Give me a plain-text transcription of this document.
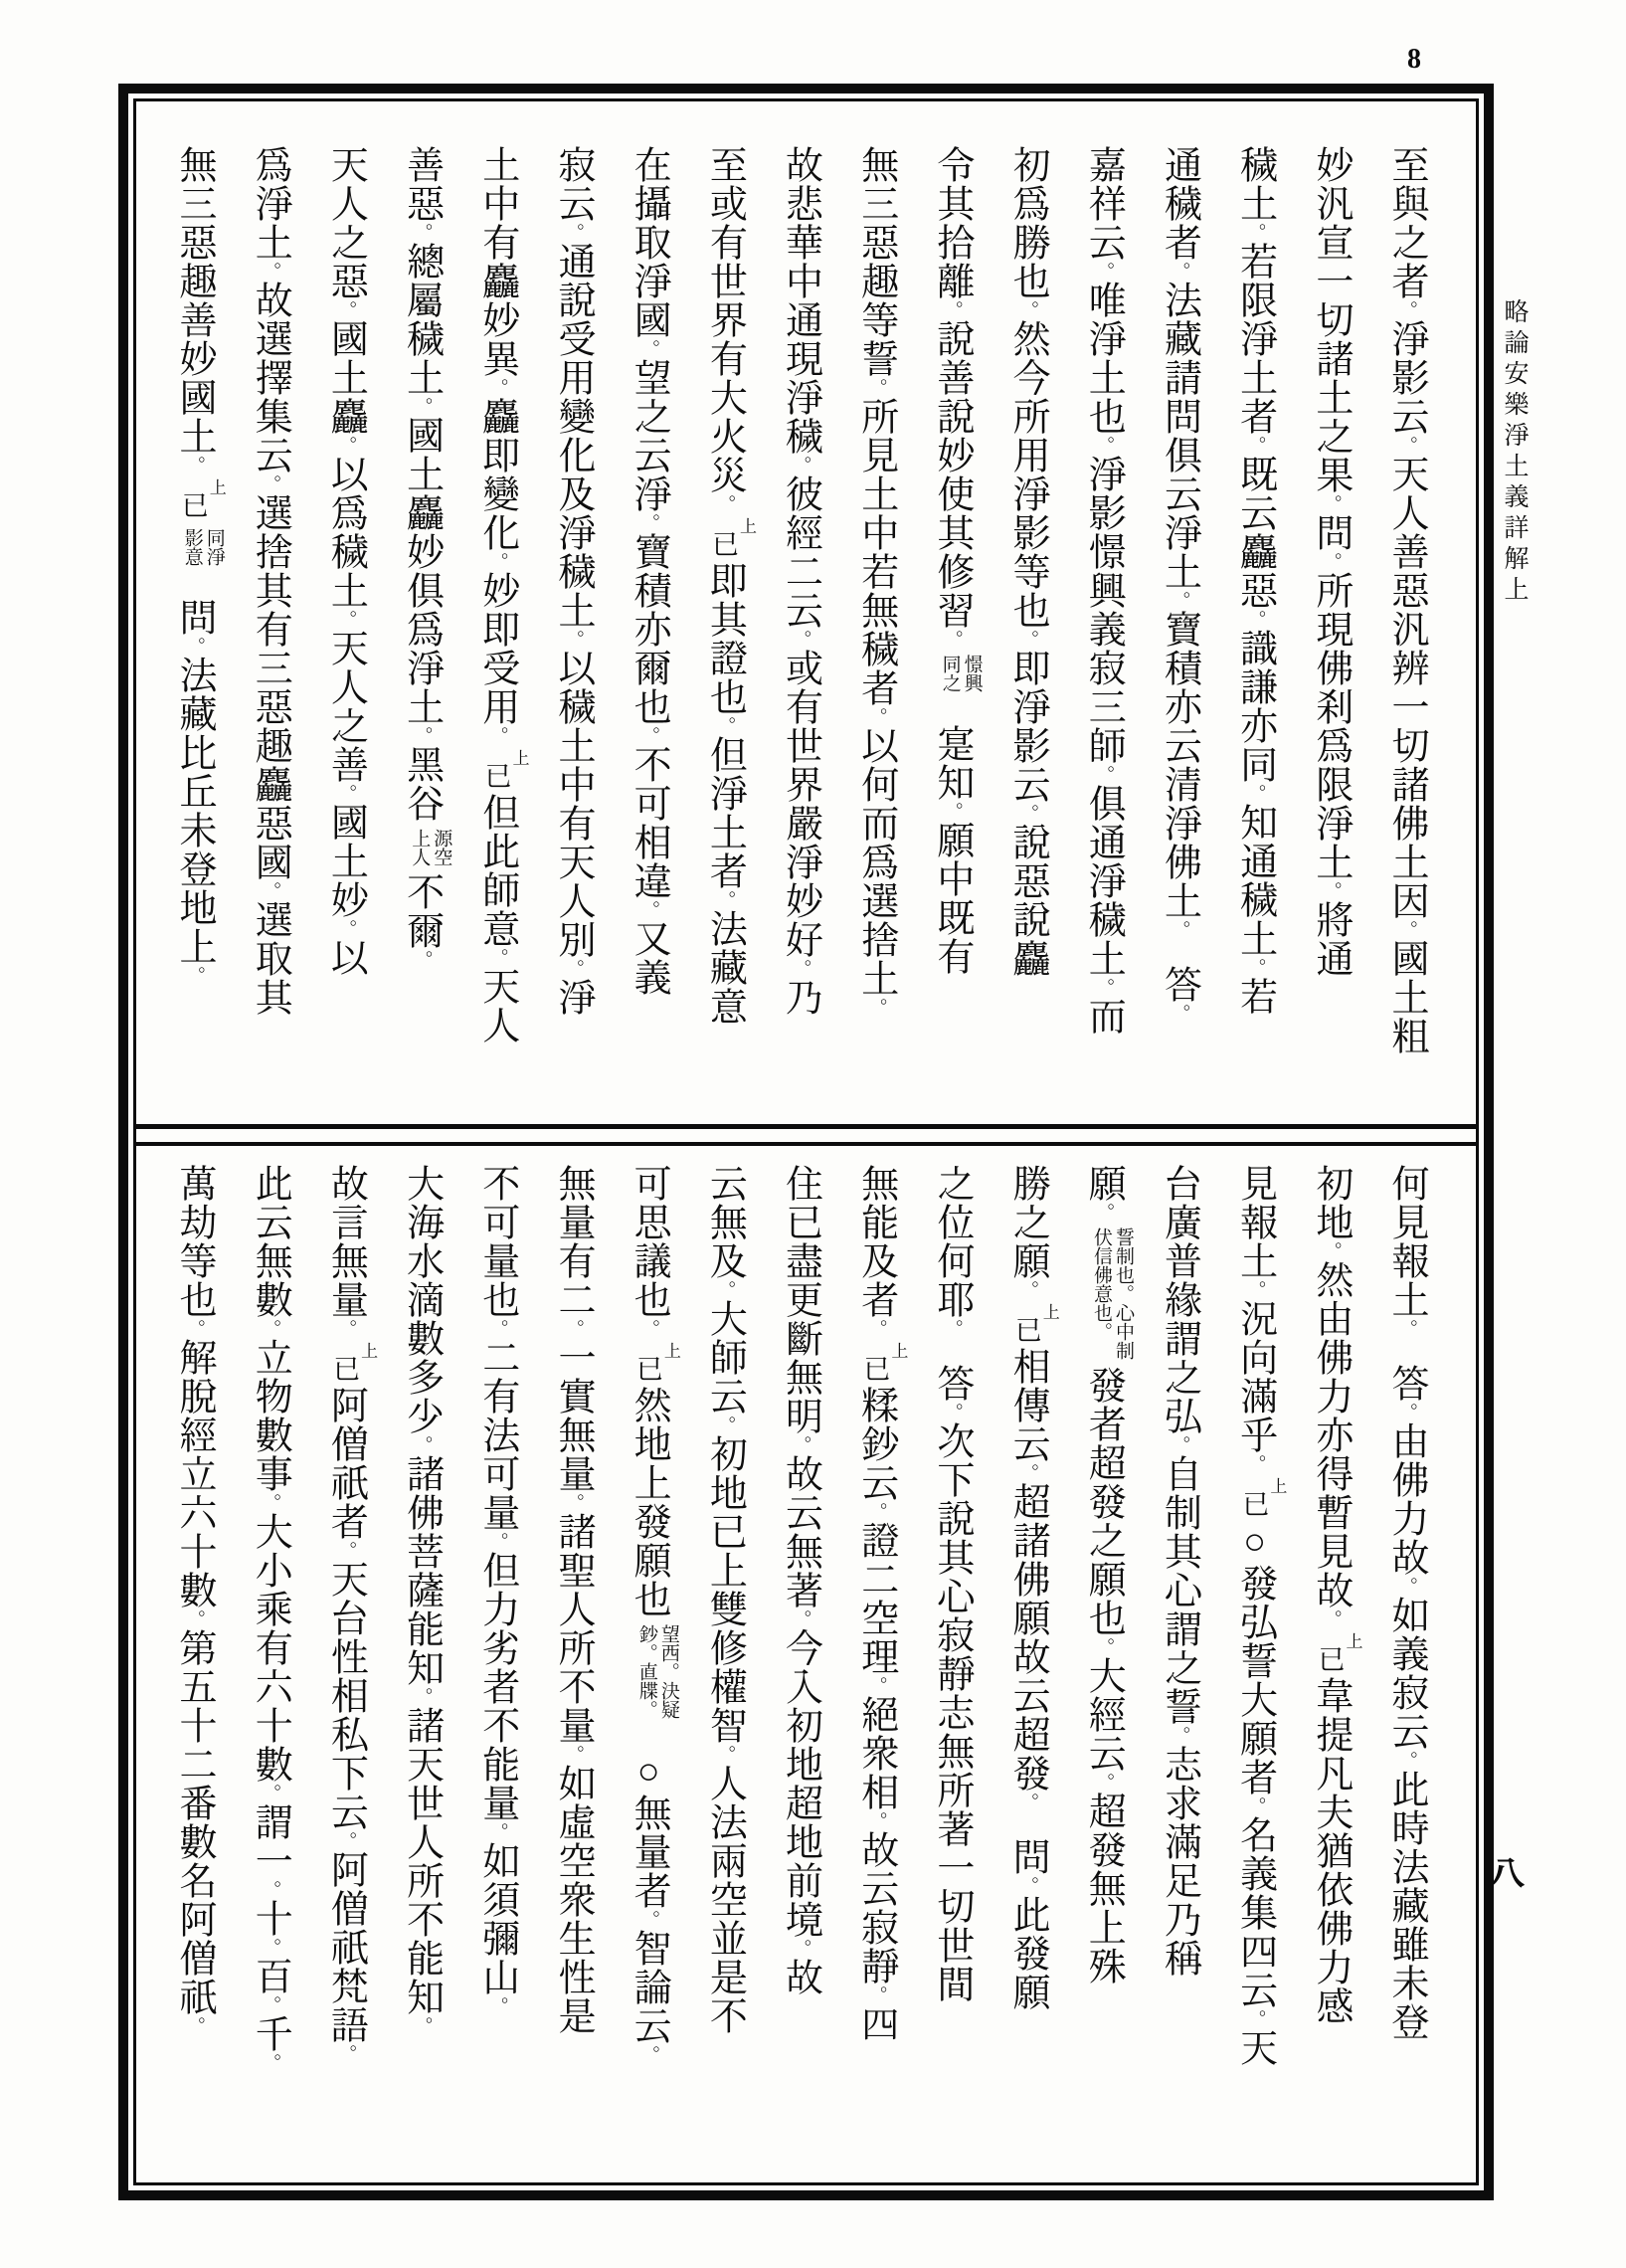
8
至與之者。淨影云。天人善惡汎辨一切諸佛土因。國土粗
妙汎宣一切諸土之果。問。所現佛刹爲限淨土。將通
穢土。若限淨土者。既云麤惡。識謙亦同。知通穢土。若
通穢者。法藏請問俱云淨土。寶積亦云清淨佛土。答。
嘉祥云。唯淨土也。淨影憬興義寂三師。俱通淨穢土。而
初爲勝也。然今所用淨影等也。即淨影云。說惡說麤
令其拾離。說善說妙使其修習。
憬興
同之
寔知。願中既有
無三惡趣等誓。所見土中若無穢者。以何而爲選捨土。
故悲華中通現淨穢。彼經二云。或有世界嚴淨妙好。乃
至或有世界有大火災。
上
已
即其證也。但淨土者。法藏意
在攝取淨國。望之云淨。寶積亦爾也。不可相違。又義
寂云。通說受用變化及淨穢土。以穢土中有天人別。淨
土中有麤妙異。麤即變化。妙即受用。
上
已
但此師意。天人
善惡。總屬穢土。國土麤妙俱爲淨土。黑谷
源空
上人
不爾。
天人之惡。國土麤。以爲穢土。天人之善。國土妙。以
爲淨土。故選擇集云。選捨其有三惡趣麤惡國。選取其
無三惡趣善妙國土。
上
已
同淨
影意
問。法藏比丘未登地上。
何見報土。答。由佛力故。如義寂云。此時法藏雖未登
初地。然由佛力亦得暫見故。
上
已
韋提凡夫猶依佛力感
見報土。況向滿乎。
上
已
○發弘誓大願者。名義集四云。天
台廣普緣謂之弘。自制其心謂之誓。志求滿足乃稱
願。
誓制也。心中制
伏信佛意也。
發者超發之願也。大經云。超發無上殊
勝之願。
上
已
相傳云。超諸佛願故云超發。問。此發願
之位何耶。答。次下說其心寂靜志無所著一切世間
無能及者。
上
已
糅鈔云。證二空理。絕衆相。故云寂靜。四
住已盡更斷無明。故云無著。今入初地超地前境。故
云無及。大師云。初地已上雙修權智。人法兩空並是不
可思議也。
上
已
然地上發願也
望西。決疑
鈔。直牒。
○無量者。智論云。
無量有二。一實無量。諸聖人所不量。如虛空衆生性是
不可量也。二有法可量。但力劣者不能量。如須彌山。
大海水滴數多少。諸佛菩薩能知。諸天世人所不能知。
故言無量。
上
已
阿僧祇者。天台性相私下云。阿僧祇梵語。
此云無數。立物數事。大小乘有六十數。謂一。十。百。千。
萬劫等也。解脫經立六十數。第五十二番數名阿僧祇。
略論安樂淨土義詳解上
八
